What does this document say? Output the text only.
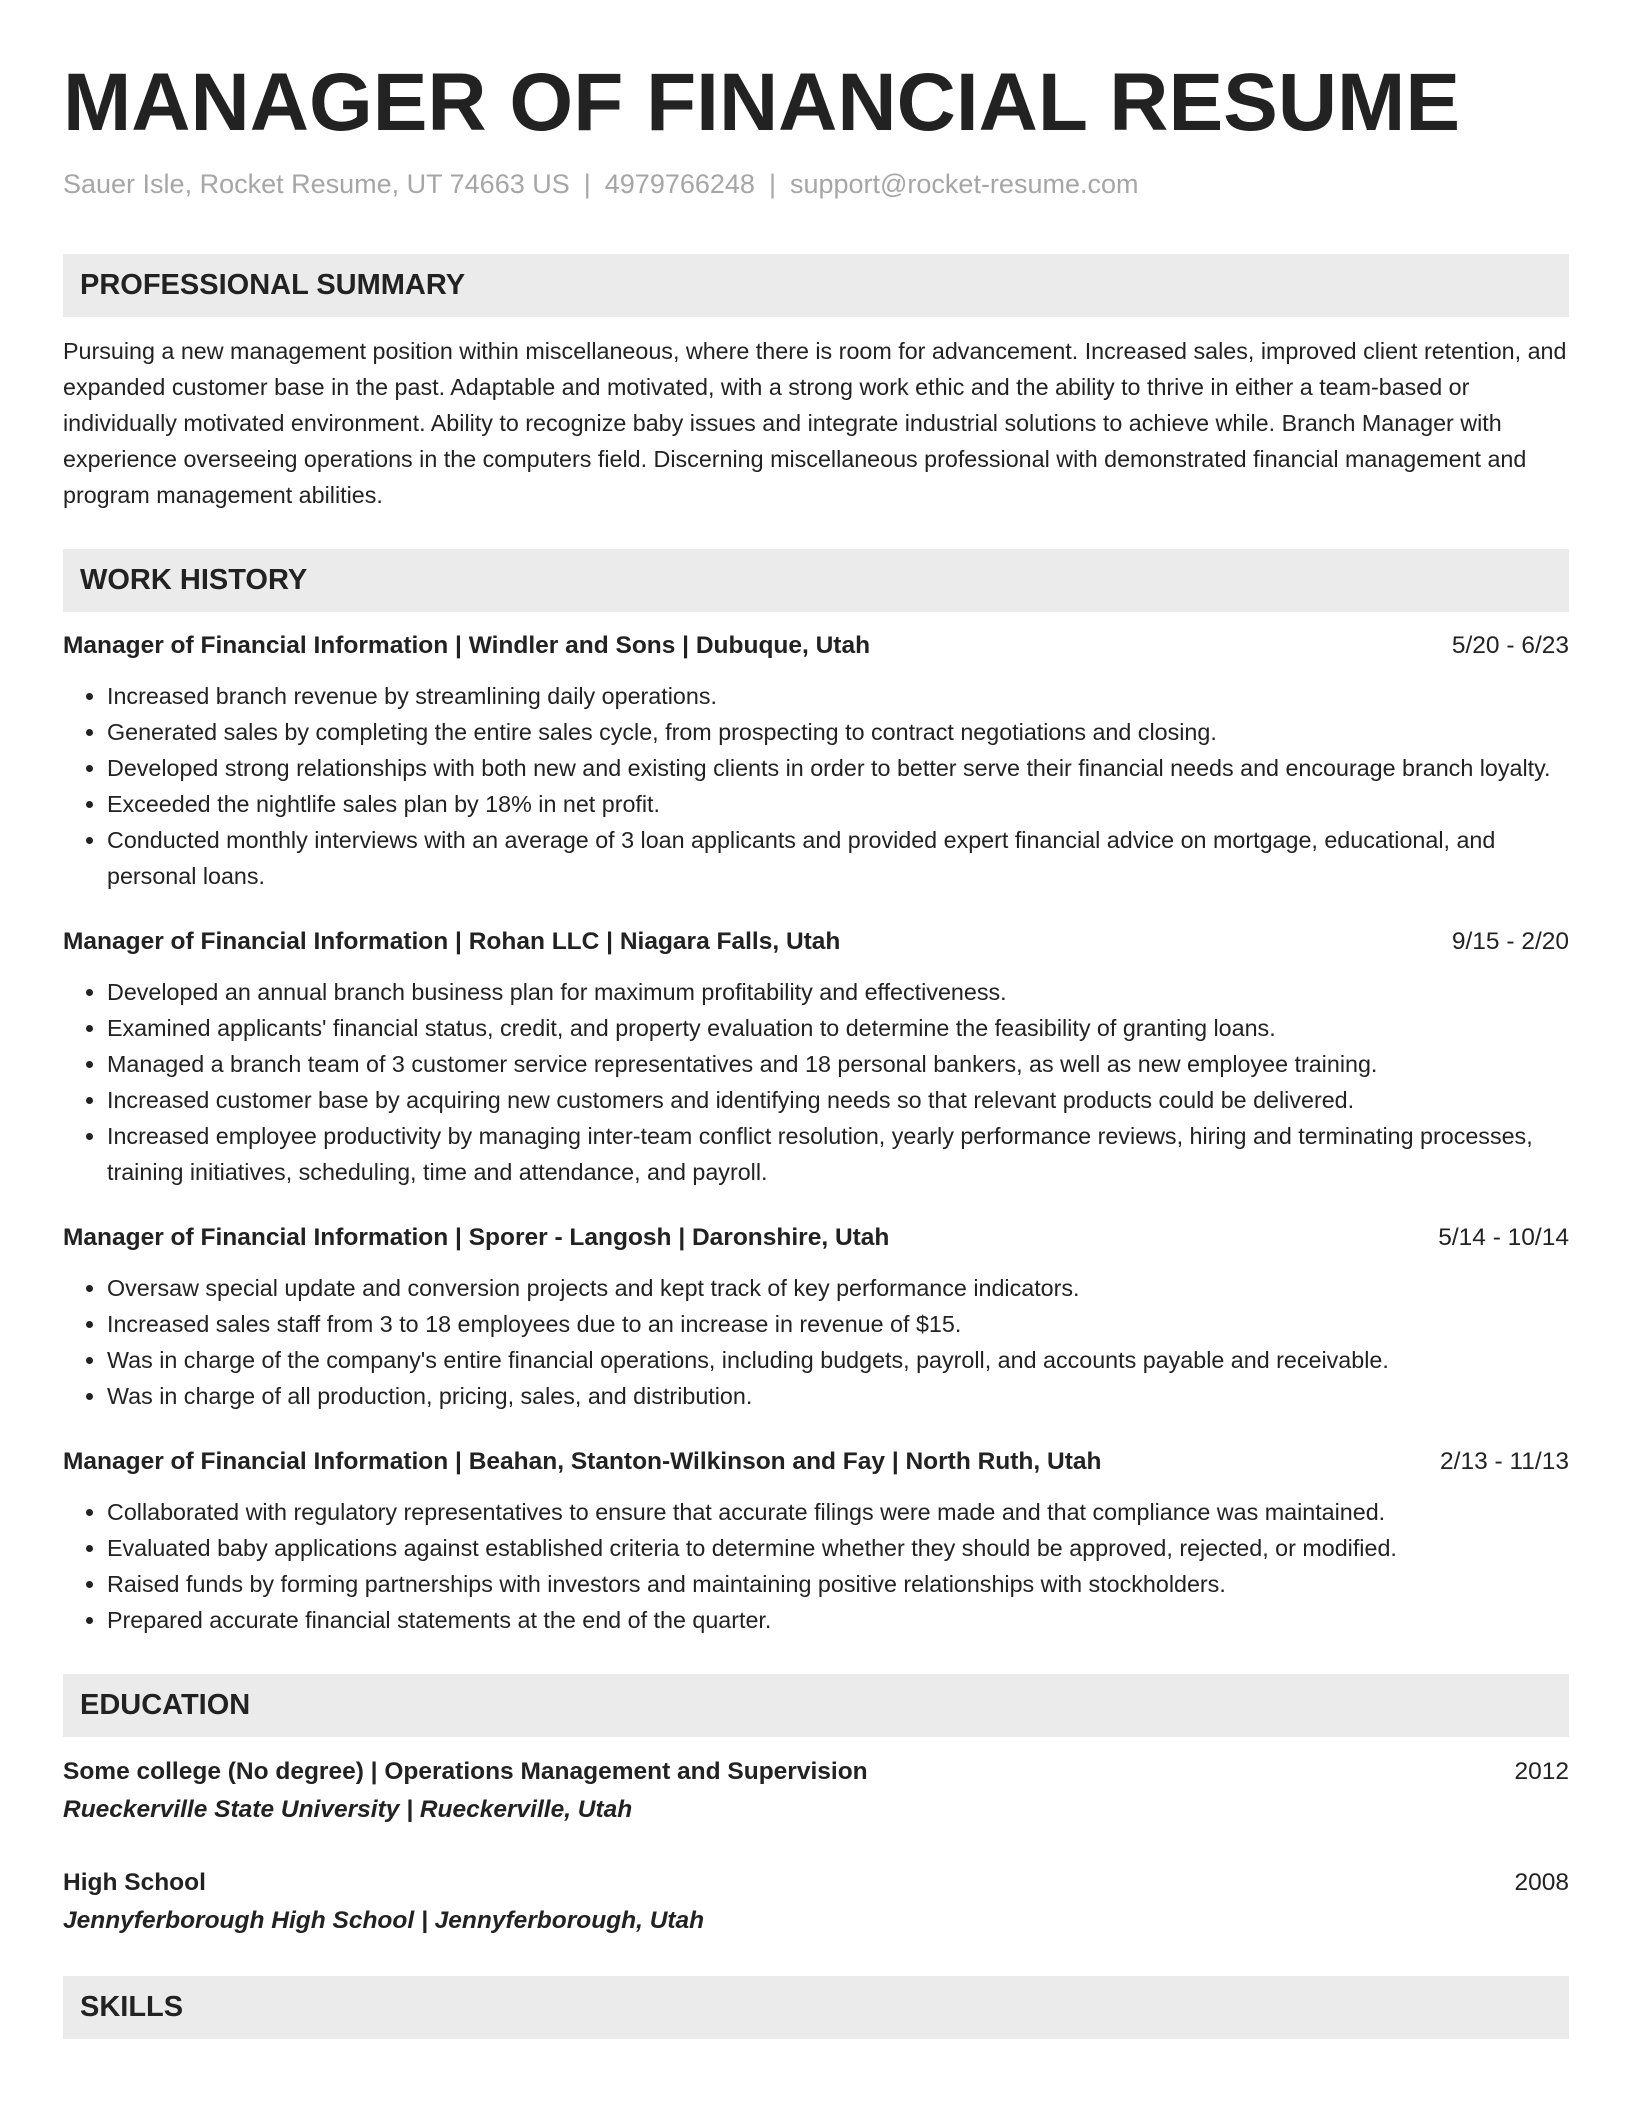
MANAGER OF FINANCIAL RESUME
Sauer Isle, Rocket Resume, UT 74663 US | 4979766248 | support@rocket-resume.com
PROFESSIONAL SUMMARY
Pursuing a new management position within miscellaneous, where there is room for advancement. Increased sales, improved client retention, and expanded customer base in the past. Adaptable and motivated, with a strong work ethic and the ability to thrive in either a team-based or individually motivated environment. Ability to recognize baby issues and integrate industrial solutions to achieve while. Branch Manager with experience overseeing operations in the computers field. Discerning miscellaneous professional with demonstrated financial management and program management abilities.
WORK HISTORY
Manager of Financial Information | Windler and Sons | Dubuque, Utah	5/20 - 6/23
• Increased branch revenue by streamlining daily operations.
• Generated sales by completing the entire sales cycle, from prospecting to contract negotiations and closing.
• Developed strong relationships with both new and existing clients in order to better serve their financial needs and encourage branch loyalty.
• Exceeded the nightlife sales plan by 18% in net profit.
• Conducted monthly interviews with an average of 3 loan applicants and provided expert financial advice on mortgage, educational, and personal loans.
Manager of Financial Information | Rohan LLC | Niagara Falls, Utah	9/15 - 2/20
• Developed an annual branch business plan for maximum profitability and effectiveness.
• Examined applicants' financial status, credit, and property evaluation to determine the feasibility of granting loans.
• Managed a branch team of 3 customer service representatives and 18 personal bankers, as well as new employee training.
• Increased customer base by acquiring new customers and identifying needs so that relevant products could be delivered.
• Increased employee productivity by managing inter-team conflict resolution, yearly performance reviews, hiring and terminating processes, training initiatives, scheduling, time and attendance, and payroll.
Manager of Financial Information | Sporer - Langosh | Daronshire, Utah	5/14 - 10/14
• Oversaw special update and conversion projects and kept track of key performance indicators.
• Increased sales staff from 3 to 18 employees due to an increase in revenue of $15.
• Was in charge of the company's entire financial operations, including budgets, payroll, and accounts payable and receivable.
• Was in charge of all production, pricing, sales, and distribution.
Manager of Financial Information | Beahan, Stanton-Wilkinson and Fay | North Ruth, Utah	2/13 - 11/13
• Collaborated with regulatory representatives to ensure that accurate filings were made and that compliance was maintained.
• Evaluated baby applications against established criteria to determine whether they should be approved, rejected, or modified.
• Raised funds by forming partnerships with investors and maintaining positive relationships with stockholders.
• Prepared accurate financial statements at the end of the quarter.
EDUCATION
Some college (No degree) | Operations Management and Supervision	2012
Rueckerville State University | Rueckerville, Utah
High School	2008
Jennyferborough High School | Jennyferborough, Utah
SKILLS
